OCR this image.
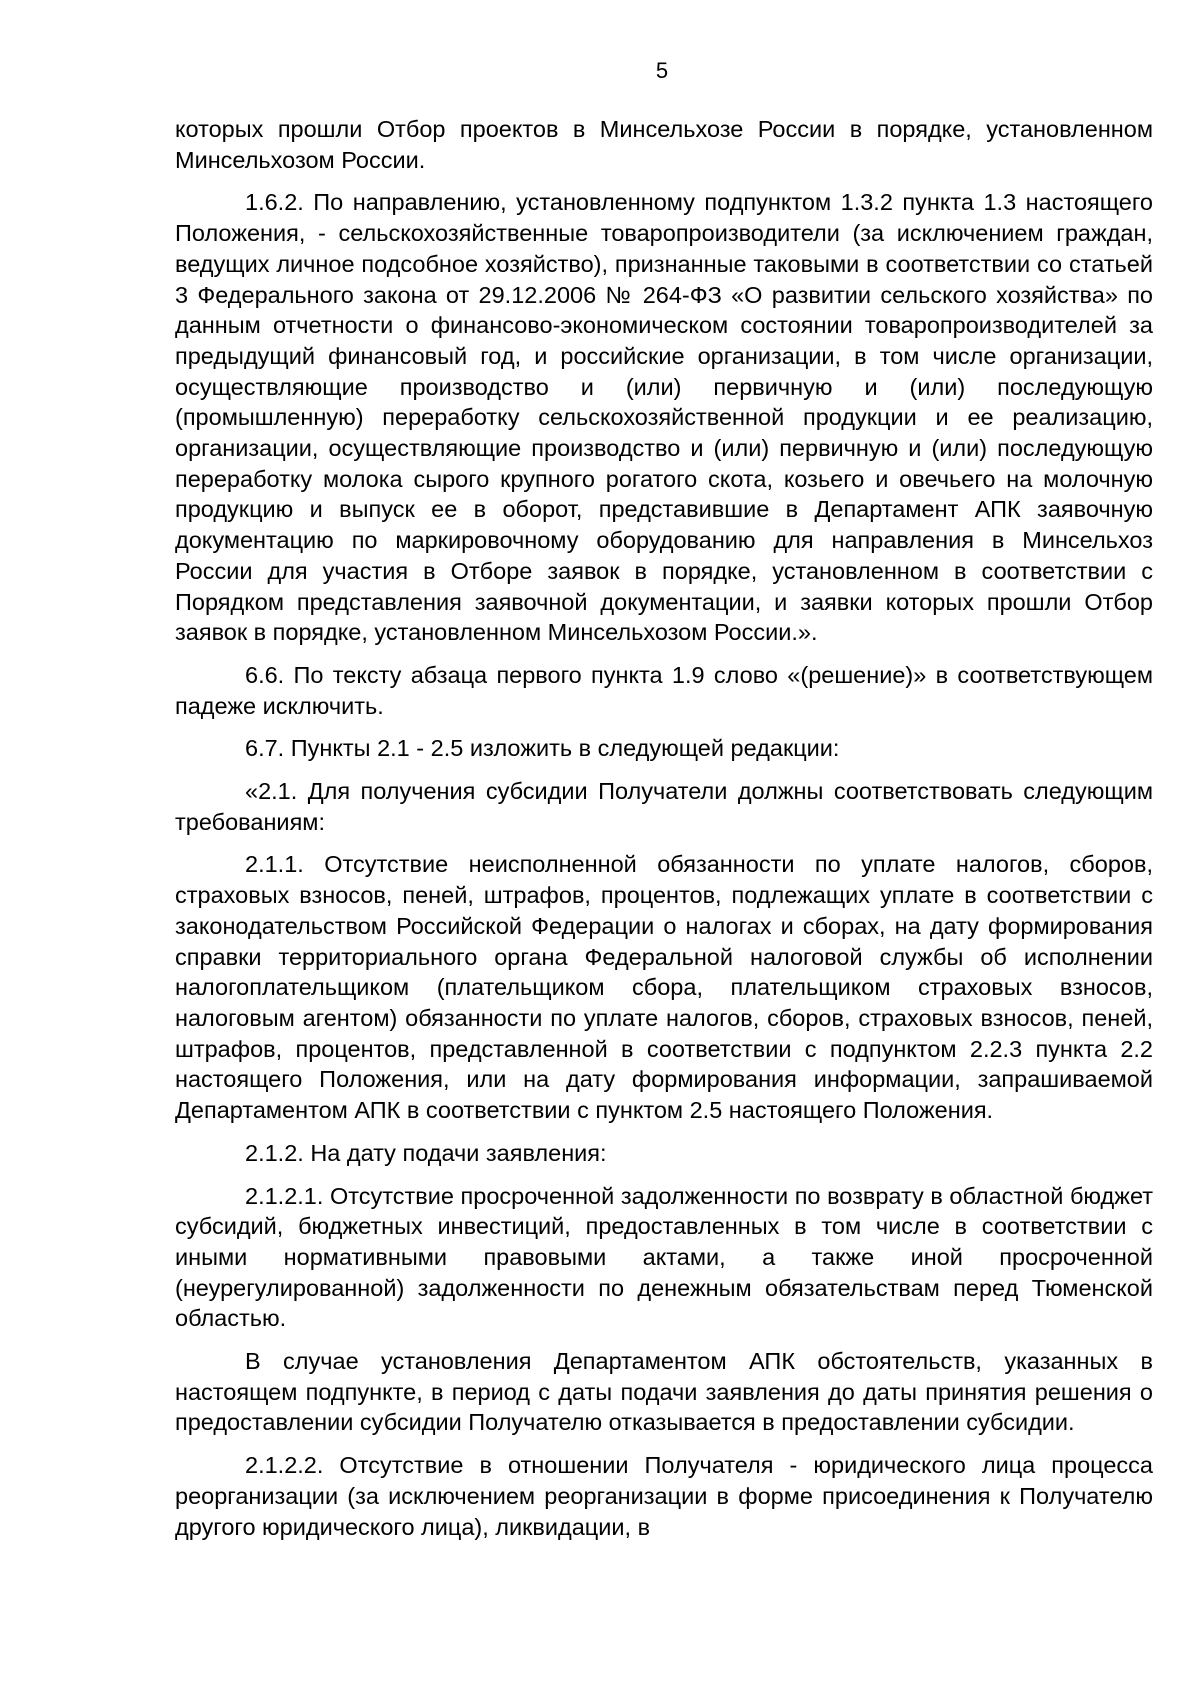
5

которых прошли Отбор проектов в Минсельхозе России в порядке, установленном Минсельхозом России.

1.6.2. По направлению, установленному подпунктом 1.3.2 пункта 1.3 настоящего Положения, - сельскохозяйственные товаропроизводители (за исключением граждан, ведущих личное подсобное хозяйство), признанные таковыми в соответствии со статьей 3 Федерального закона от 29.12.2006 № 264-ФЗ «О развитии сельского хозяйства» по данным отчетности о финансово-экономическом состоянии товаропроизводителей за предыдущий финансовый год, и российские организации, в том числе организации, осуществляющие производство и (или) первичную и (или) последующую (промышленную) переработку сельскохозяйственной продукции и ее реализацию, организации, осуществляющие производство и (или) первичную и (или) последующую переработку молока сырого крупного рогатого скота, козьего и овечьего на молочную продукцию и выпуск ее в оборот, представившие в Департамент АПК заявочную документацию по маркировочному оборудованию для направления в Минсельхоз России для участия в Отборе заявок в порядке, установленном в соответствии с Порядком представления заявочной документации, и заявки которых прошли Отбор заявок в порядке, установленном Минсельхозом России.».

6.6. По тексту абзаца первого пункта 1.9 слово «(решение)» в соответствующем падеже исключить.

6.7. Пункты 2.1 - 2.5 изложить в следующей редакции:

«2.1. Для получения субсидии Получатели должны соответствовать следующим требованиям:

2.1.1. Отсутствие неисполненной обязанности по уплате налогов, сборов, страховых взносов, пеней, штрафов, процентов, подлежащих уплате в соответствии с законодательством Российской Федерации о налогах и сборах, на дату формирования справки территориального органа Федеральной налоговой службы об исполнении налогоплательщиком (плательщиком сбора, плательщиком страховых взносов, налоговым агентом) обязанности по уплате налогов, сборов, страховых взносов, пеней, штрафов, процентов, представленной в соответствии с подпунктом 2.2.3 пункта 2.2 настоящего Положения, или на дату формирования информации, запрашиваемой Департаментом АПК в соответствии с пунктом 2.5 настоящего Положения.

2.1.2. На дату подачи заявления:

2.1.2.1. Отсутствие просроченной задолженности по возврату в областной бюджет субсидий, бюджетных инвестиций, предоставленных в том числе в соответствии с иными нормативными правовыми актами, а также иной просроченной (неурегулированной) задолженности по денежным обязательствам перед Тюменской областью.

В случае установления Департаментом АПК обстоятельств, указанных в настоящем подпункте, в период с даты подачи заявления до даты принятия решения о предоставлении субсидии Получателю отказывается в предоставлении субсидии.

2.1.2.2. Отсутствие в отношении Получателя - юридического лица процесса реорганизации (за исключением реорганизации в форме присоединения к Получателю другого юридического лица), ликвидации, в
